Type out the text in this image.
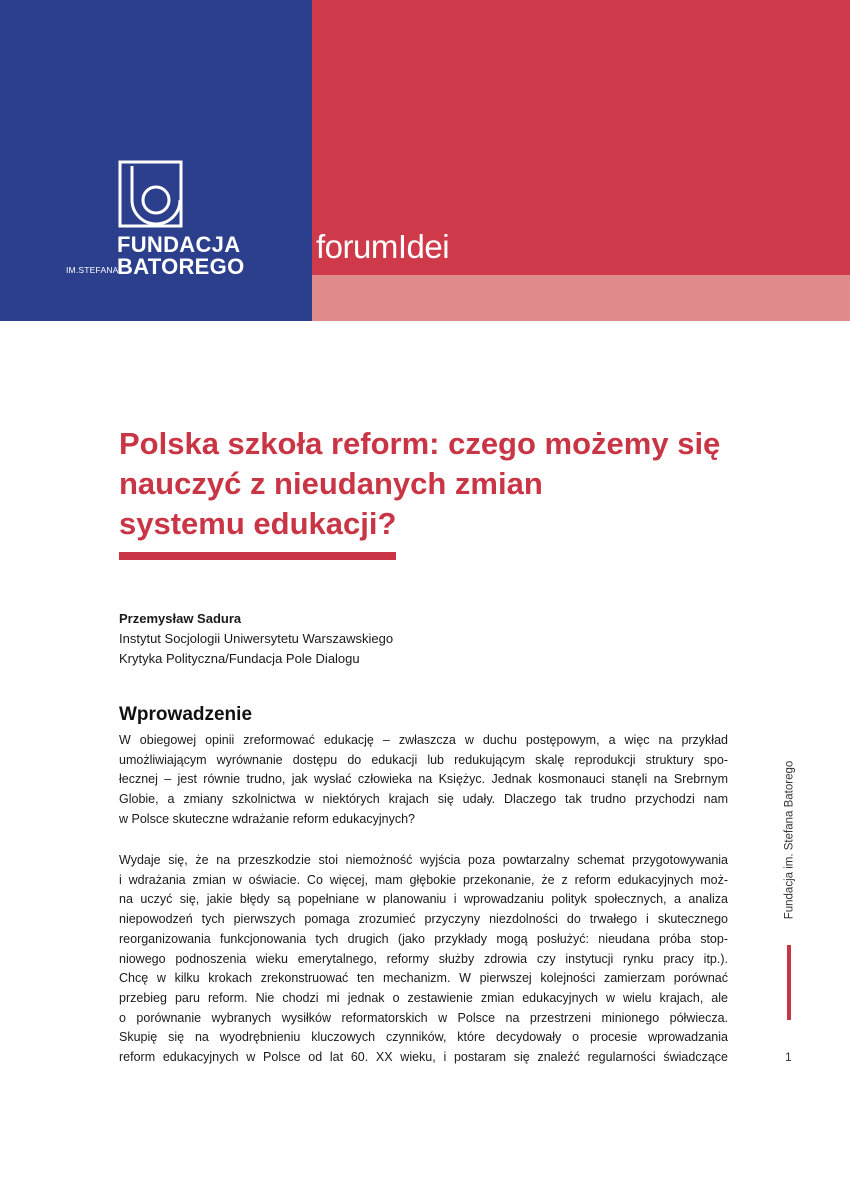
FUNDACJA
BATOREGO
IM.STEFANA
forumIdei
Polska szkoła reform: czego możemy się
nauczyć z nieudanych zmian
systemu edukacji?
Przemysław Sadura
Instytut Socjologii Uniwersytetu Warszawskiego
Krytyka Polityczna/Fundacja Pole Dialogu
Wprowadzenie

W obiegowej opinii zreformować edukację – zwłaszcza w duchu postępowym, a więc na przykład
umożliwiającym wyrównanie dostępu do edukacji lub redukującym skalę reprodukcji struktury spo-
łecznej – jest równie trudno, jak wysłać człowieka na Księżyc. Jednak kosmonauci stanęli na Srebrnym
Globie, a zmiany szkolnictwa w niektórych krajach się udały. Dlaczego tak trudno przychodzi nam
w Polsce skuteczne wdrażanie reform edukacyjnych?

Wydaje się, że na przeszkodzie stoi niemożność wyjścia poza powtarzalny schemat przygotowywania
i wdrażania zmian w oświacie. Co więcej, mam głębokie przekonanie, że z reform edukacyjnych moż-
na uczyć się, jakie błędy są popełniane w planowaniu i wprowadzaniu polityk społecznych, a analiza
niepowodzeń tych pierwszych pomaga zrozumieć przyczyny niezdolności do trwałego i skutecznego
reorganizowania funkcjonowania tych drugich (jako przykłady mogą posłużyć: nieudana próba stop-
niowego podnoszenia wieku emerytalnego, reformy służby zdrowia czy instytucji rynku pracy itp.).
Chcę w kilku krokach zrekonstruować ten mechanizm. W pierwszej kolejności zamierzam porównać
przebieg paru reform. Nie chodzi mi jednak o zestawienie zmian edukacyjnych w wielu krajach, ale
o porównanie wybranych wysiłków reformatorskich w Polsce na przestrzeni minionego półwiecza.
Skupię się na wyodrębnieniu kluczowych czynników, które decydowały o procesie wprowadzania
reform edukacyjnych w Polsce od lat 60. XX wieku, i postaram się znaleźć regularności świadczące

Fundacja im. Stefana Batorego
1
